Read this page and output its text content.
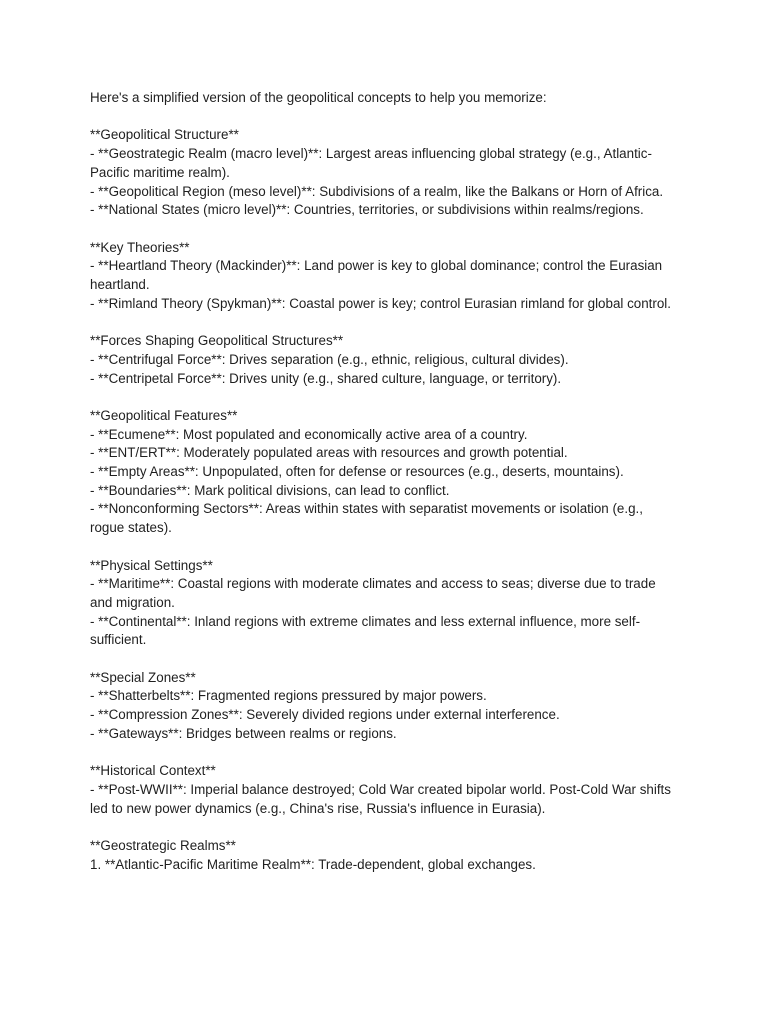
Here's a simplified version of the geopolitical concepts to help you memorize:

**Geopolitical Structure**
- **Geostrategic Realm (macro level)**: Largest areas influencing global strategy (e.g., Atlantic-Pacific maritime realm).
- **Geopolitical Region (meso level)**: Subdivisions of a realm, like the Balkans or Horn of Africa.
- **National States (micro level)**: Countries, territories, or subdivisions within realms/regions.
**Key Theories**
- **Heartland Theory (Mackinder)**: Land power is key to global dominance; control the Eurasian heartland.
- **Rimland Theory (Spykman)**: Coastal power is key; control Eurasian rimland for global control.
**Forces Shaping Geopolitical Structures**
- **Centrifugal Force**: Drives separation (e.g., ethnic, religious, cultural divides).
- **Centripetal Force**: Drives unity (e.g., shared culture, language, or territory).
**Geopolitical Features**
- **Ecumene**: Most populated and economically active area of a country.
- **ENT/ERT**: Moderately populated areas with resources and growth potential.
- **Empty Areas**: Unpopulated, often for defense or resources (e.g., deserts, mountains).
- **Boundaries**: Mark political divisions, can lead to conflict.
- **Nonconforming Sectors**: Areas within states with separatist movements or isolation (e.g., rogue states).
**Physical Settings**
- **Maritime**: Coastal regions with moderate climates and access to seas; diverse due to trade and migration.
- **Continental**: Inland regions with extreme climates and less external influence, more self-sufficient.
**Special Zones**
- **Shatterbelts**: Fragmented regions pressured by major powers.
- **Compression Zones**: Severely divided regions under external interference.
- **Gateways**: Bridges between realms or regions.
**Historical Context**
- **Post-WWII**: Imperial balance destroyed; Cold War created bipolar world. Post-Cold War shifts led to new power dynamics (e.g., China's rise, Russia's influence in Eurasia).
**Geostrategic Realms**
1. **Atlantic-Pacific Maritime Realm**: Trade-dependent, global exchanges.
